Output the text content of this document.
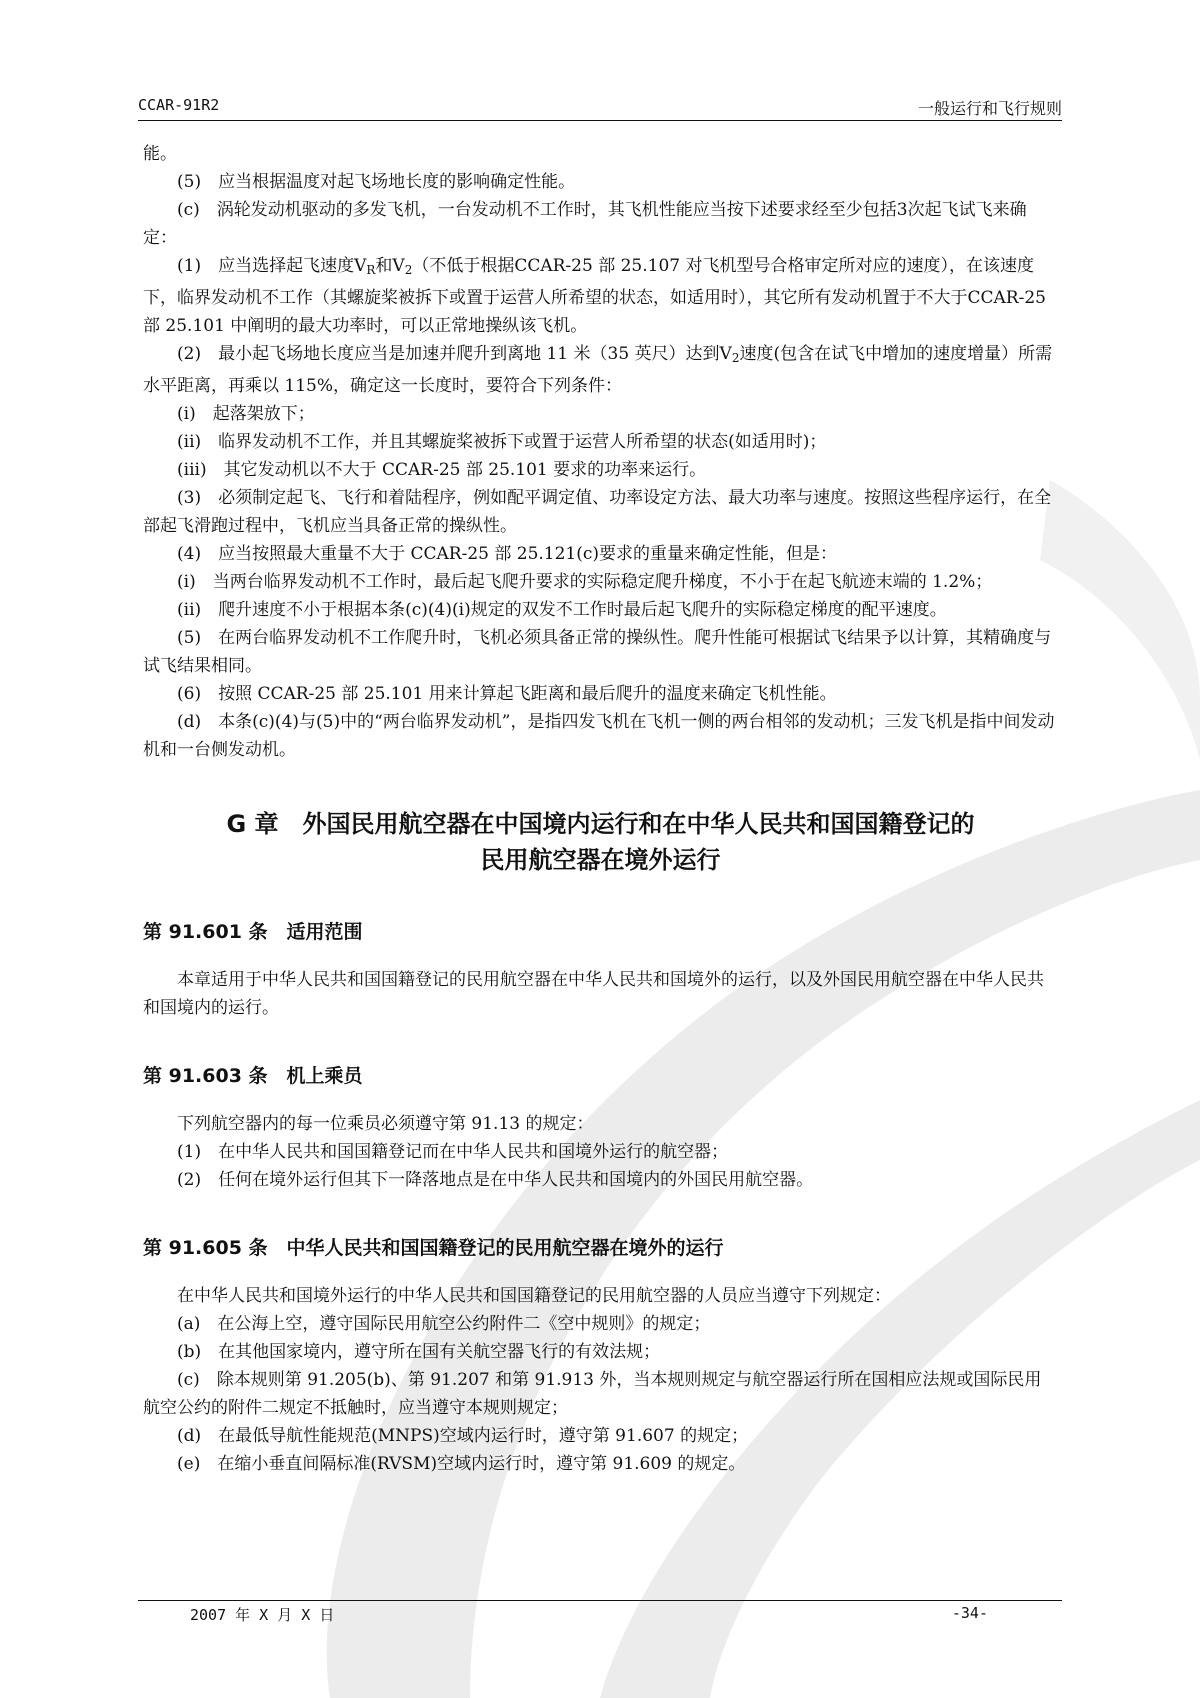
CCAR-91R2	一般运行和飞行规则

能。

(5)　应当根据温度对起飞场地长度的影响确定性能。

(c)　涡轮发动机驱动的多发飞机，一台发动机不工作时，其飞机性能应当按下述要求经至少包括3次起飞试飞来确定：

(1)　应当选择起飞速度$V_R$和$V_2$（不低于根据CCAR-25 部 25.107 对飞机型号合格审定所对应的速度），在该速度下，临界发动机不工作（其螺旋桨被拆下或置于运营人所希望的状态，如适用时），其它所有发动机置于不大于CCAR-25 部 25.101 中阐明的最大功率时，可以正常地操纵该飞机。

(2)　最小起飞场地长度应当是加速并爬升到离地 11 米（35 英尺）达到$V_2$速度(包含在试飞中增加的速度增量）所需水平距离，再乘以 115%，确定这一长度时，要符合下列条件：

(i)　起落架放下；

(ii)　临界发动机不工作，并且其螺旋桨被拆下或置于运营人所希望的状态(如适用时)；

(iii)　其它发动机以不大于 CCAR-25 部 25.101 要求的功率来运行。

(3)　必须制定起飞、飞行和着陆程序，例如配平调定值、功率设定方法、最大功率与速度。按照这些程序运行，在全部起飞滑跑过程中，飞机应当具备正常的操纵性。

(4)　应当按照最大重量不大于 CCAR-25 部 25.121(c)要求的重量来确定性能，但是：

(i)　当两台临界发动机不工作时，最后起飞爬升要求的实际稳定爬升梯度，不小于在起飞航迹末端的 1.2%；

(ii)　爬升速度不小于根据本条(c)(4)(i)规定的双发不工作时最后起飞爬升的实际稳定梯度的配平速度。

(5)　在两台临界发动机不工作爬升时，飞机必须具备正常的操纵性。爬升性能可根据试飞结果予以计算，其精确度与试飞结果相同。

(6)　按照 CCAR-25 部 25.101 用来计算起飞距离和最后爬升的温度来确定飞机性能。

(d)　本条(c)(4)与(5)中的“两台临界发动机”，是指四发飞机在飞机一侧的两台相邻的发动机；三发飞机是指中间发动机和一台侧发动机。

G 章　外国民用航空器在中国境内运行和在中华人民共和国国籍登记的
民用航空器在境外运行
第 91.601 条　适用范围

本章适用于中华人民共和国国籍登记的民用航空器在中华人民共和国境外的运行，以及外国民用航空器在中华人民共和国境内的运行。

第 91.603 条　机上乘员

下列航空器内的每一位乘员必须遵守第 91.13 的规定：

(1)　在中华人民共和国国籍登记而在中华人民共和国境外运行的航空器；

(2)　任何在境外运行但其下一降落地点是在中华人民共和国境内的外国民用航空器。

第 91.605 条　中华人民共和国国籍登记的民用航空器在境外的运行

在中华人民共和国境外运行的中华人民共和国国籍登记的民用航空器的人员应当遵守下列规定：

(a)　在公海上空，遵守国际民用航空公约附件二《空中规则》的规定；

(b)　在其他国家境内，遵守所在国有关航空器飞行的有效法规；

(c)　除本规则第 91.205(b)、第 91.207 和第 91.913 外，当本规则规定与航空器运行所在国相应法规或国际民用航空公约的附件二规定不抵触时，应当遵守本规则规定；

(d)　在最低导航性能规范(MNPS)空域内运行时，遵守第 91.607 的规定；

(e)　在缩小垂直间隔标准(RVSM)空域内运行时，遵守第 91.609 的规定。

2007 年 X 月 X 日	-34-
